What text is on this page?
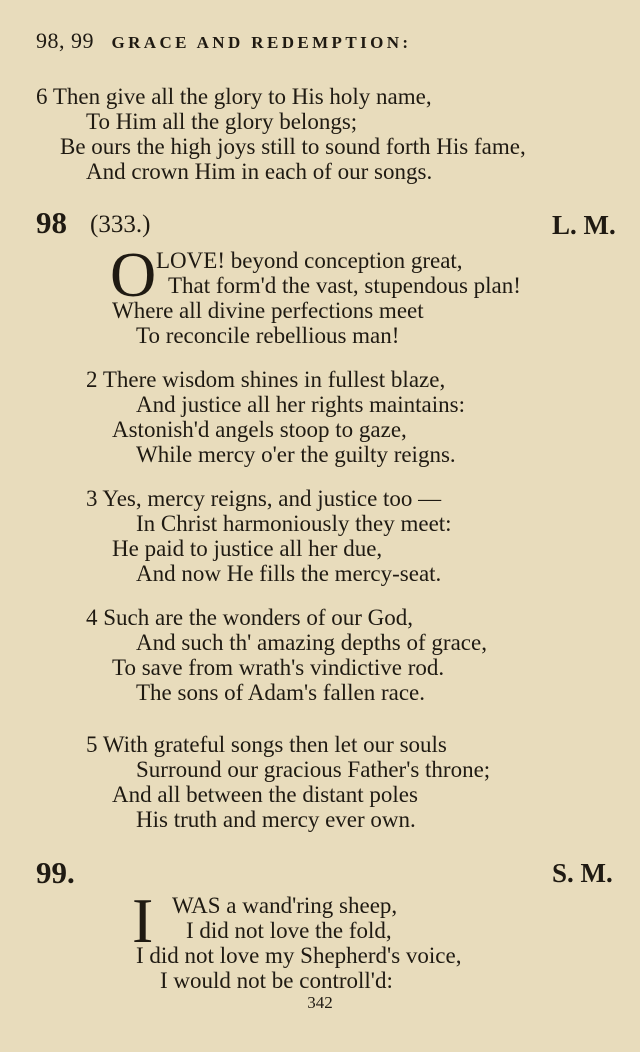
98, 99 GRACE AND REDEMPTION:
6 Then give all the glory to His holy name,
To Him all the glory belongs;
Be ours the high joys still to sound forth His fame,
And crown Him in each of our songs.
98 (333.)	L. M.
O LOVE! beyond conception great,
That form'd the vast, stupendous plan!
Where all divine perfections meet
To reconcile rebellious man!
2 There wisdom shines in fullest blaze,
And justice all her rights maintains:
Astonish'd angels stoop to gaze,
While mercy o'er the guilty reigns.
3 Yes, mercy reigns, and justice too —
In Christ harmoniously they meet:
He paid to justice all her due,
And now He fills the mercy-seat.
4 Such are the wonders of our God,
And such th' amazing depths of grace,
To save from wrath's vindictive rod.
The sons of Adam's fallen race.
5 With grateful songs then let our souls
Surround our gracious Father's throne;
And all between the distant poles
His truth and mercy ever own.
99.	S. M.
I WAS a wand'ring sheep,
I did not love the fold,
I did not love my Shepherd's voice,
I would not be controll'd:
342
